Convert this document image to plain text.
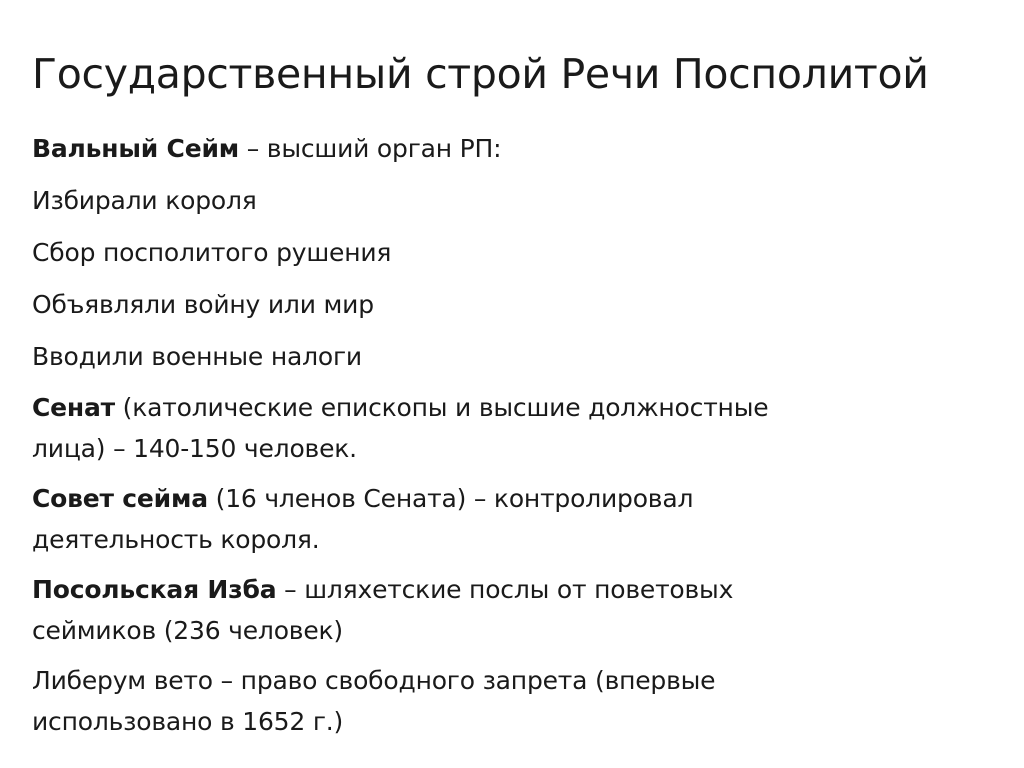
Государственный строй Речи Посполитой
Вальный Сейм – высший орган РП:
Избирали короля
Сбор посполитого рушения
Объявляли войну или мир
Вводили военные налоги
Сенат (католические епископы и высшие должностные
лица) – 140-150 человек.
Совет сейма (16 членов Сената) – контролировал
деятельность короля.
Посольская Изба – шляхетские послы от поветовых
сеймиков (236 человек)
Либерум вето – право свободного запрета (впервые
использовано в 1652 г.)
